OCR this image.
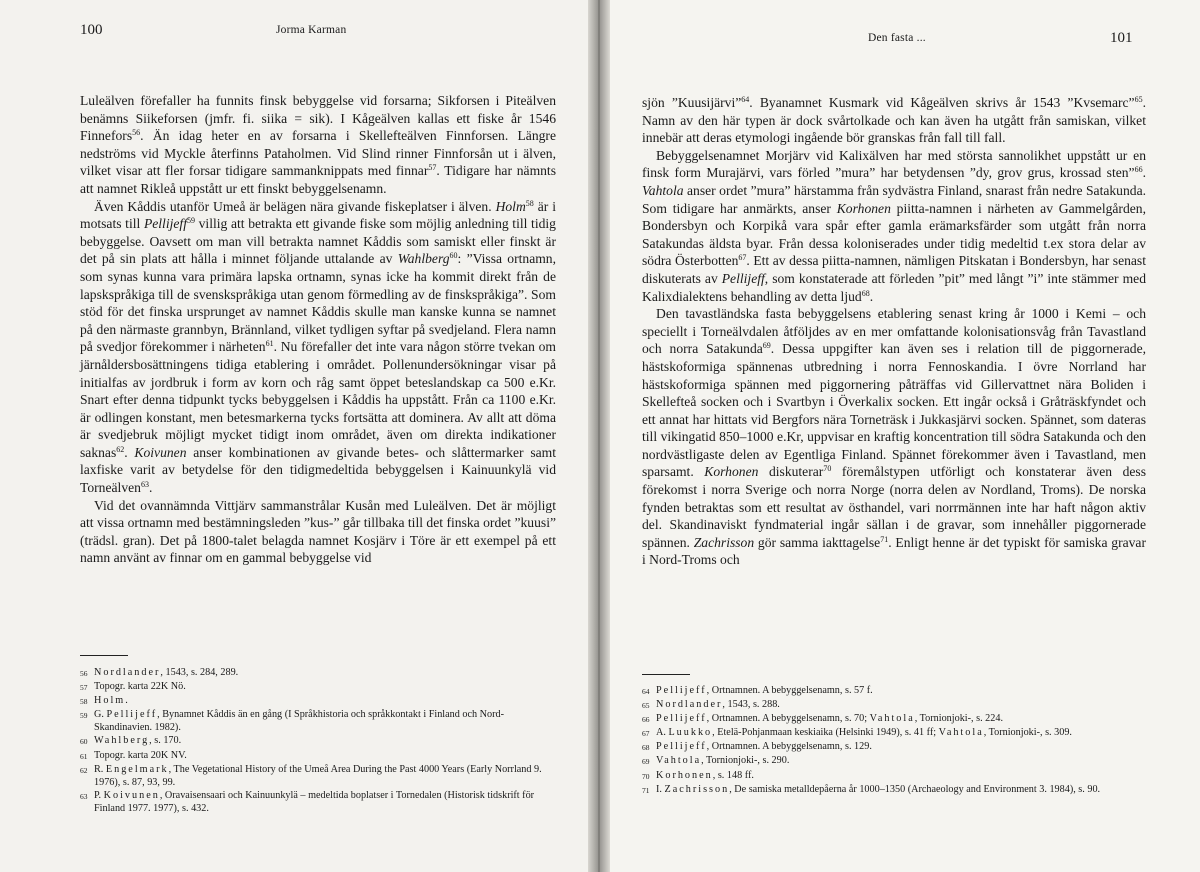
100	Jorma Karman

Luleälven förefaller ha funnits finsk bebyggelse vid forsarna; Sikforsen i Piteälven benämns Siikeforsen (jmfr. fi. siika = sik). I Kågeälven kallas ett fiske år 1546 Finnefors$^{56}$. Än idag heter en av forsarna i Skellefteälven Finnforsen. Längre nedströms vid Myckle återfinns Pataholmen. Vid Slind rinner Finnforsån ut i älven, vilket visar att fler forsar tidigare sammanknippats med finnar$^{57}$. Tidigare har nämnts att namnet Rikleå uppstått ur ett finskt bebyggelsenamn.

Även Kåddis utanför Umeå är belägen nära givande fiskeplatser i älven. Holm$^{58}$ är i motsats till Pellijeff$^{59}$ villig att betrakta ett givande fiske som möjlig anledning till tidig bebyggelse. Oavsett om man vill betrakta namnet Kåddis som samiskt eller finskt är det på sin plats att hålla i minnet följande uttalande av Wahlberg$^{60}$: ”Vissa ortnamn, som synas kunna vara primära lapska ortnamn, synas icke ha kommit direkt från de lapskspråkiga till de svenskspråkiga utan genom förmedling av de finskspråkiga”. Som stöd för det finska ursprunget av namnet Kåddis skulle man kanske kunna se namnet på den närmaste grannbyn, Brännland, vilket tydligen syftar på svedjeland. Flera namn på svedjor förekommer i närheten$^{61}$. Nu förefaller det inte vara någon större tvekan om järnåldersbosättningens tidiga etablering i området. Pollenundersökningar visar på initialfas av jordbruk i form av korn och råg samt öppet beteslandskap ca 500 e.Kr. Snart efter denna tidpunkt tycks bebyggelsen i Kåddis ha uppstått. Från ca 1100 e.Kr. är odlingen konstant, men betesmarkerna tycks fortsätta att dominera. Av allt att döma är svedjebruk möjligt mycket tidigt inom området, även om direkta indikationer saknas$^{62}$. Koivunen anser kombinationen av givande betes- och slåttermarker samt laxfiske varit av betydelse för den tidigmedeltida bebyggelsen i Kainuunkylä vid Torneälven$^{63}$.

Vid det ovannämnda Vittjärv sammanstrålar Kusån med Luleälven. Det är möjligt att vissa ortnamn med bestämningsleden ”kus-” går tillbaka till det finska ordet ”kuusi” (trädsl. gran). Det på 1800-talet belagda namnet Kosjärv i Töre är ett exempel på ett namn använt av finnar om en gammal bebyggelse vid

56 Nordlander, 1543, s. 284, 289.
57 Topogr. karta 22K Nö.
58 Holm.
59 G. Pellijeff, Bynamnet Kåddis än en gång (I Språkhistoria och språkkontakt i Finland och Nord-Skandinavien. 1982).
60 Wahlberg, s. 170.
61 Topogr. karta 20K NV.
62 R. Engelmark, The Vegetational History of the Umeå Area During the Past 4000 Years (Early Norrland 9. 1976), s. 87, 93, 99.
63 P. Koivunen, Oravaisensaari och Kainuunkylä – medeltida boplatser i Tornedalen (Historisk tidskrift för Finland 1977. 1977), s. 432.
Den fasta ...	101

sjön ”Kuusijärvi”$^{64}$. Byanamnet Kusmark vid Kågeälven skrivs år 1543 ”Kvsemarc”$^{65}$. Namn av den här typen är dock svårtolkade och kan även ha utgått från samiskan, vilket innebär att deras etymologi ingående bör granskas från fall till fall.

Bebyggelsenamnet Morjärv vid Kalixälven har med största sannolikhet uppstått ur en finsk form Murajärvi, vars förled ”mura” har betydensen ”dy, grov grus, krossad sten”$^{66}$. Vahtola anser ordet ”mura” härstamma från sydvästra Finland, snarast från nedre Satakunda. Som tidigare har anmärkts, anser Korhonen piitta-namnen i närheten av Gammelgården, Bondersbyn och Korpikå vara spår efter gamla erämarksfärder som utgått från norra Satakundas äldsta byar. Från dessa koloniserades under tidig medeltid t.ex stora delar av södra Österbotten$^{67}$. Ett av dessa piitta-namnen, nämligen Pitskatan i Bondersbyn, har senast diskuterats av Pellijeff, som konstaterade att förleden ”pit” med långt ”i” inte stämmer med Kalixdialektens behandling av detta ljud$^{68}$.

Den tavastländska fasta bebyggelsens etablering senast kring år 1000 i Kemi – och speciellt i Torneälvdalen åtföljdes av en mer omfattande kolonisationsvåg från Tavastland och norra Satakunda$^{69}$. Dessa uppgifter kan även ses i relation till de piggornerade, hästskoformiga spännenas utbredning i norra Fennoskandia. I övre Norrland har hästskoformiga spännen med piggornering påträffas vid Gillervattnet nära Boliden i Skellefteå socken och i Svartbyn i Överkalix socken. Ett ingår också i Gråträskfyndet och ett annat har hittats vid Bergfors nära Torneträsk i Jukkasjärvi socken. Spännet, som dateras till vikingatid 850–1000 e.Kr, uppvisar en kraftig koncentration till södra Satakunda och den nordvästligaste delen av Egentliga Finland. Spännet förekommer även i Tavastland, men sparsamt. Korhonen diskuterar$^{70}$ föremålstypen utförligt och konstaterar även dess förekomst i norra Sverige och norra Norge (norra delen av Nordland, Troms). De norska fynden betraktas som ett resultat av östhandel, vari norrmännen inte har haft någon aktiv del. Skandinaviskt fyndmaterial ingår sällan i de gravar, som innehåller piggornerade spännen. Zachrisson gör samma iakttagelse$^{71}$. Enligt henne är det typiskt för samiska gravar i Nord-Troms och

64 Pellijeff, Ortnamnen. A bebyggelsenamn, s. 57 f.
65 Nordlander, 1543, s. 288.
66 Pellijeff, Ortnamnen. A bebyggelsenamn, s. 70; Vahtola, Tornionjoki-, s. 224.
67 A. Luukko, Etelä-Pohjanmaan keskiaika (Helsinki 1949), s. 41 ff; Vahtola, Tornionjoki-, s. 309.
68 Pellijeff, Ortnamnen. A bebyggelsenamn, s. 129.
69 Vahtola, Tornionjoki-, s. 290.
70 Korhonen, s. 148 ff.
71 I. Zachrisson, De samiska metalldepåerna år 1000–1350 (Archaeology and Environment 3. 1984), s. 90.
